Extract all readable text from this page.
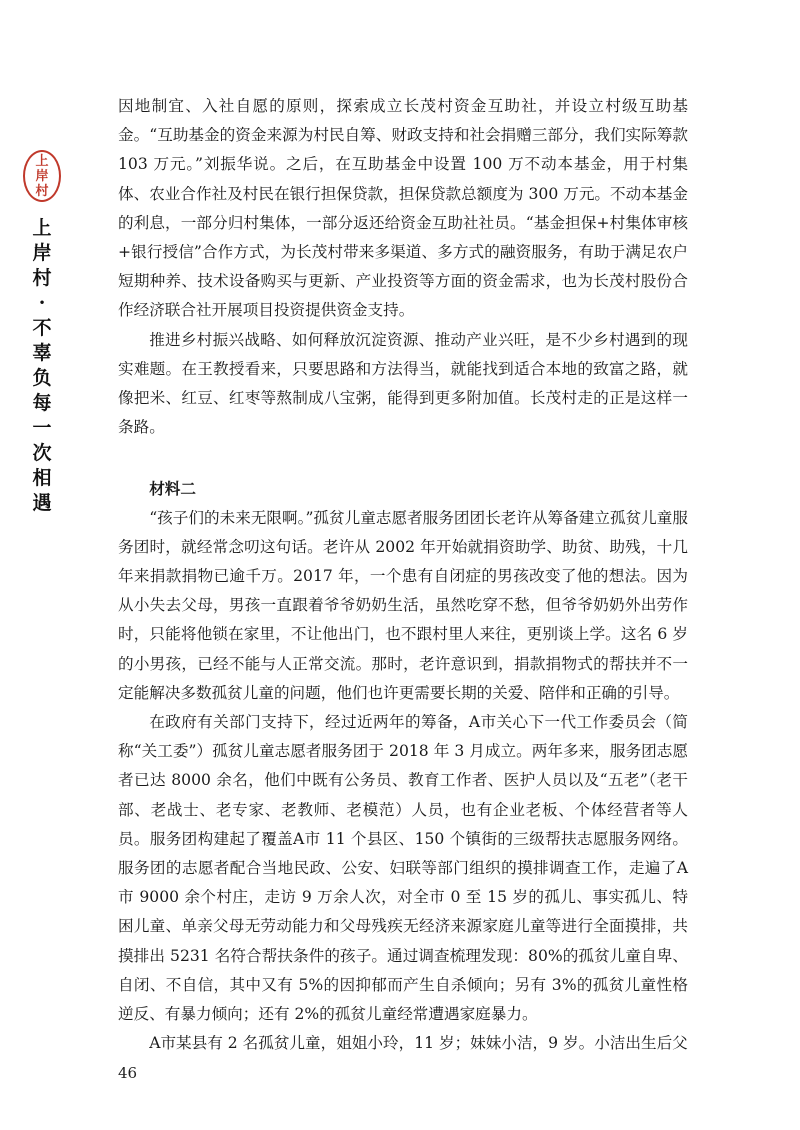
上
岸
村
上
岸
村
·
不
辜
负
每
一
次
相
遇

因地制宜、入社自愿的原则，探索成立长茂村资金互助社，并设立村级互助基金。“互助基金的资金来源为村民自筹、财政支持和社会捐赠三部分，我们实际筹款103 万元。”刘振华说。之后，在互助基金中设置 100 万不动本基金，用于村集体、农业合作社及村民在银行担保贷款，担保贷款总额度为 300 万元。不动本基金的利息，一部分归村集体，一部分返还给资金互助社社员。“基金担保+村集体审核+银行授信”合作方式，为长茂村带来多渠道、多方式的融资服务，有助于满足农户短期种养、技术设备购买与更新、产业投资等方面的资金需求，也为长茂村股份合作经济联合社开展项目投资提供资金支持。

推进乡村振兴战略、如何释放沉淀资源、推动产业兴旺，是不少乡村遇到的现实难题。在王教授看来，只要思路和方法得当，就能找到适合本地的致富之路，就像把米、红豆、红枣等熬制成八宝粥，能得到更多附加值。长茂村走的正是这样一条路。

材料二

“孩子们的未来无限啊。”孤贫儿童志愿者服务团团长老许从筹备建立孤贫儿童服务团时，就经常念叨这句话。老许从 2002 年开始就捐资助学、助贫、助残，十几年来捐款捐物已逾千万。2017 年，一个患有自闭症的男孩改变了他的想法。因为从小失去父母，男孩一直跟着爷爷奶奶生活，虽然吃穿不愁，但爷爷奶奶外出劳作时，只能将他锁在家里，不让他出门，也不跟村里人来往，更别谈上学。这名 6 岁的小男孩，已经不能与人正常交流。那时，老许意识到，捐款捐物式的帮扶并不一定能解决多数孤贫儿童的问题，他们也许更需要长期的关爱、陪伴和正确的引导。

在政府有关部门支持下，经过近两年的筹备，A市关心下一代工作委员会（简称“关工委”）孤贫儿童志愿者服务团于 2018 年 3 月成立。两年多来，服务团志愿者已达 8000 余名，他们中既有公务员、教育工作者、医护人员以及“五老”（老干部、老战士、老专家、老教师、老模范）人员，也有企业老板、个体经营者等人员。服务团构建起了覆盖A市 11 个县区、150 个镇街的三级帮扶志愿服务网络。服务团的志愿者配合当地民政、公安、妇联等部门组织的摸排调查工作，走遍了A市 9000 余个村庄，走访 9 万余人次，对全市 0 至 15 岁的孤儿、事实孤儿、特困儿童、单亲父母无劳动能力和父母残疾无经济来源家庭儿童等进行全面摸排，共摸排出 5231 名符合帮扶条件的孩子。通过调查梳理发现：80%的孤贫儿童自卑、自闭、不自信，其中又有 5%的因抑郁而产生自杀倾向；另有 3%的孤贫儿童性格逆反、有暴力倾向；还有 2%的孤贫儿童经常遭遇家庭暴力。

A市某县有 2 名孤贫儿童，姐姐小玲，11 岁；妹妹小洁，9 岁。小洁出生后父

46
